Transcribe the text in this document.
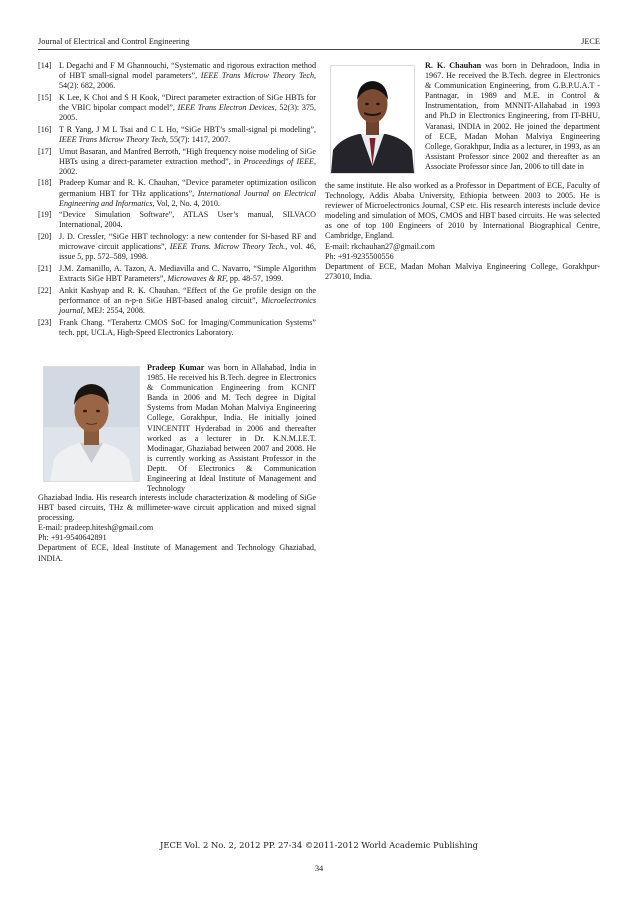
Journal of Electrical and Control Engineering	JECE
[14] L Degachi and F M Ghannouchi, “Systematic and rigorous extraction method of HBT small-signal model parameters”, IEEE Trans Microw Theory Tech, 54(2): 682, 2006.
[15] K Lee, K Choi and S H Kook, “Direct parameter extraction of SiGe HBTs for the VBIC bipolar compact model”, IEEE Trans Electron Devices, 52(3): 375, 2005.
[16] T R Yang, J M L Tsai and C L Ho, “SiGe HBT’s small-signal pi modeling”, IEEE Trans Microw Theory Tech, 55(7): 1417, 2007.
[17] Umut Basaran, and Manfred Berroth, “High frequency noise modeling of SiGe HBTs using a direct-parameter extraction method”, in Proceedings of IEEE, 2002.
[18] Pradeep Kumar and R. K. Chauhan, “Device parameter optimization osilicon germanium HBT for THz applications”, International Journal on Electrical Engineering and Informatics, Vol, 2, No. 4, 2010.
[19] “Device Simulation Software”, ATLAS User’s manual, SILVACO International, 2004.
[20] J. D. Cressler, “SiGe HBT technology: a new contender for Si-based RF and microwave circuit applications”, IEEE Trans. Microw Theory Tech., vol. 46, issue 5, pp. 572–589, 1998.
[21] J.M. Zamanillo, A. Tazon, A. Mediavilla and C. Navarro, “Simple Algorithm Extracts SiGe HBT Parameters”, Microwaves & RF, pp. 48-57, 1999.
[22] Ankit Kashyap and R. K. Chauhan. “Effect of the Ge profile design on the performance of an n-p-n SiGe HBT-based analog circuit”, Microelectronics journal, MEJ: 2554, 2008.
[23] Frank Chang. “Terahertz CMOS SoC for Imaging/Communication Systems” tech. ppt, UCLA, High-Speed Electronics Laboratory.
Pradeep Kumar was born in Allahabad, India in 1985. He received his B.Tech. degree in Electronics & Communication Engineering from KCNIT Banda in 2006 and M. Tech degree in Digital Systems from Madan Mohan Malviya Engineering College, Gorakhpur, India. He initially joined VINCENTIT Hyderabad in 2006 and thereafter worked as a lecturer in Dr. K.N.M.I.E.T. Modinagar, Ghaziabad between 2007 and 2008. He is currently working as Assistant Professor in the Deptt. Of Electronics & Communication Engineering at Ideal Institute of Management and Technology
Ghaziabad India. His research interests include characterization & modeling of SiGe HBT based circuits, THz & millimeter-wave circuit application and mixed signal processing.
E-mail: pradeep.hitesh@gmail.com
Ph: +91-9540642891
Department of ECE, Ideal Institute of Management and Technology Ghaziabad, INDIA.
R. K. Chauhan was born in Dehradoon, India in 1967. He received the B.Tech. degree in Electronics & Communication Engineering, from G.B.P.U.A.T - Pantnagar, in 1989 and M.E. in Control & Instrumentation, from MNNIT-Allahabad in 1993 and Ph.D in Electronics Engineering, from IT-BHU, Varanasi, INDIA in 2002. He joined the department of ECE, Madan Mohan Malviya Engineering College, Gorakhpur, India as a lecturer, in 1993, as an Assistant Professor since 2002 and thereafter as an Associate Professor since Jan, 2006 to till date in
the same institute. He also worked as a Professor in Department of ECE, Faculty of Technology, Addis Ababa University, Ethiopia between 2003 to 2005. He is reviewer of Microelectronics Journal, CSP etc. His research interests include device modeling and simulation of MOS, CMOS and HBT based circuits. He was selected as one of top 100 Engineers of 2010 by International Biographical Centre, Cambridge, England.
E-mail: rkchauhan27@gmail.com
Ph: +91-9235500556
Department of ECE, Madan Mohan Malviya Engineering College, Gorakhpur-273010, India.
JECE Vol. 2 No. 2, 2012 PP. 27-34 ©2011-2012 World Academic Publishing
34
